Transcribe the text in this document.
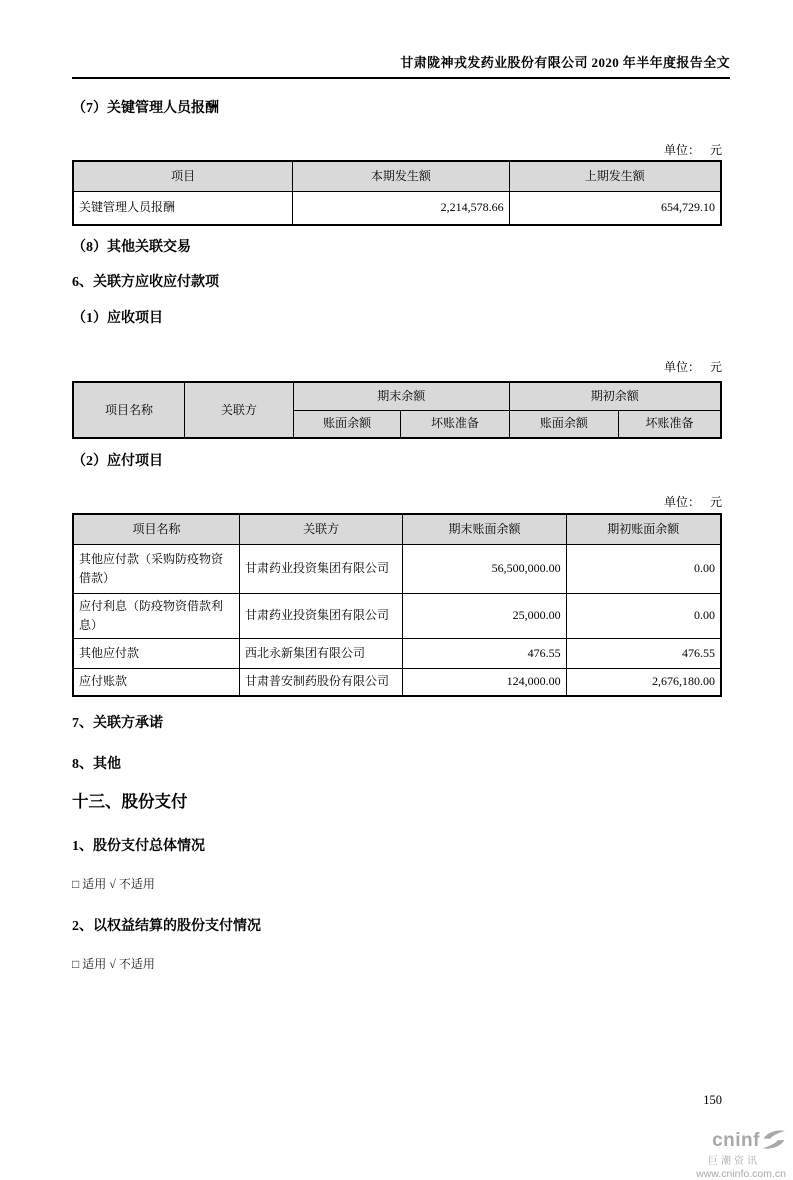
甘肃陇神戎发药业股份有限公司 2020 年半年度报告全文
（7）关键管理人员报酬
单位： 元
项目	本期发生额	上期发生额
关键管理人员报酬	2,214,578.66	654,729.10
（8）其他关联交易
6、关联方应收应付款项
（1）应收项目
单位： 元
项目名称	关联方	期末余额		期初余额	
		账面余额	坏账准备	账面余额	坏账准备
（2）应付项目
单位： 元
项目名称	关联方	期末账面余额	期初账面余额
其他应付款（采购防疫物资借款）	甘肃药业投资集团有限公司	56,500,000.00	0.00
应付利息（防疫物资借款利息）	甘肃药业投资集团有限公司	25,000.00	0.00
其他应付款	西北永新集团有限公司	476.55	476.55
应付账款	甘肃普安制药股份有限公司	124,000.00	2,676,180.00
7、关联方承诺
8、其他
十三、股份支付
1、股份支付总体情况
□ 适用 √ 不适用
2、以权益结算的股份支付情况
□ 适用 √ 不适用
150
cninf
巨潮资讯
www.cninfo.com.cn
